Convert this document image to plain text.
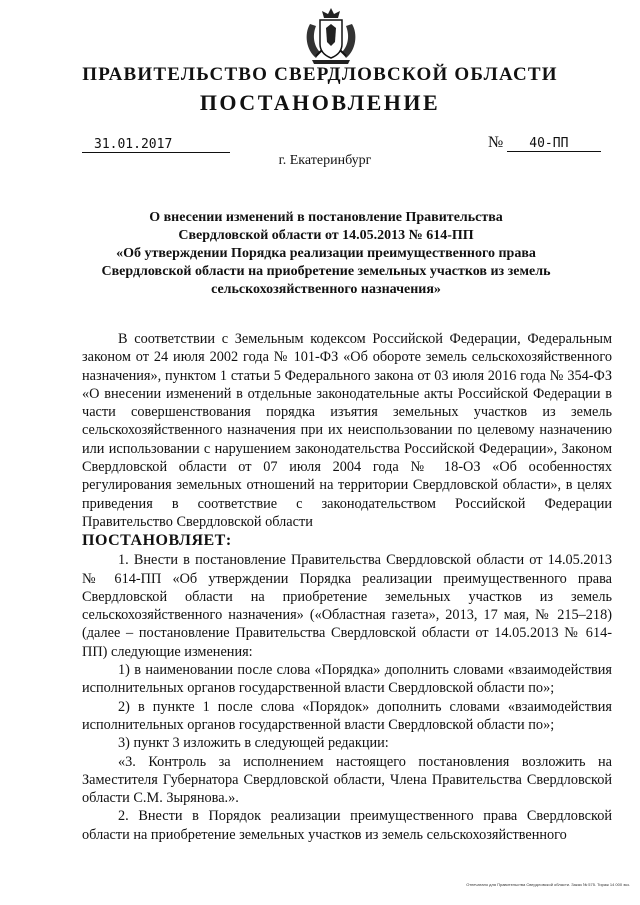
ПРАВИТЕЛЬСТВО СВЕРДЛОВСКОЙ ОБЛАСТИ
ПОСТАНОВЛЕНИЕ
31.01.2017	№ 40-ПП
г. Екатеринбург
О внесении изменений в постановление Правительства
Свердловской области от 14.05.2013 № 614-ПП
«Об утверждении Порядка реализации преимущественного права
Свердловской области на приобретение земельных участков из земель
сельскохозяйственного назначения»

В соответствии с Земельным кодексом Российской Федерации, Федеральным законом от 24 июля 2002 года № 101-ФЗ «Об обороте земель сельскохозяйственного назначения», пунктом 1 статьи 5 Федерального закона от 03 июля 2016 года № 354-ФЗ «О внесении изменений в отдельные законодательные акты Российской Федерации в части совершенствования порядка изъятия земельных участков из земель сельскохозяйственного назначения при их неиспользовании по целевому назначению или использовании с нарушением законодательства Российской Федерации», Законом Свердловской области от 07 июля 2004 года № 18-ОЗ «Об особенностях регулирования земельных отношений на территории Свердловской области», в целях приведения в соответствие с законодательством Российской Федерации Правительство Свердловской области

ПОСТАНОВЛЯЕТ:

1. Внести в постановление Правительства Свердловской области от 14.05.2013 № 614-ПП «Об утверждении Порядка реализации преимущественного права Свердловской области на приобретение земельных участков из земель сельскохозяйственного назначения» («Областная газета», 2013, 17 мая, № 215–218) (далее – постановление Правительства Свердловской области от 14.05.2013 № 614-ПП) следующие изменения:

1) в наименовании после слова «Порядка» дополнить словами «взаимодействия исполнительных органов государственной власти Свердловской области по»;

2) в пункте 1 после слова «Порядок» дополнить словами «взаимодействия исполнительных органов государственной власти Свердловской области по»;

3) пункт 3 изложить в следующей редакции:

«3. Контроль за исполнением настоящего постановления возложить на Заместителя Губернатора Свердловской области, Члена Правительства Свердловской области С.М. Зырянова.».

2. Внести в Порядок реализации преимущественного права Свердловской области на приобретение земельных участков из земель сельскохозяйственного

Отпечатано для Правительства Свердловской области. Заказ № 575. Тираж 14 000 экз.
